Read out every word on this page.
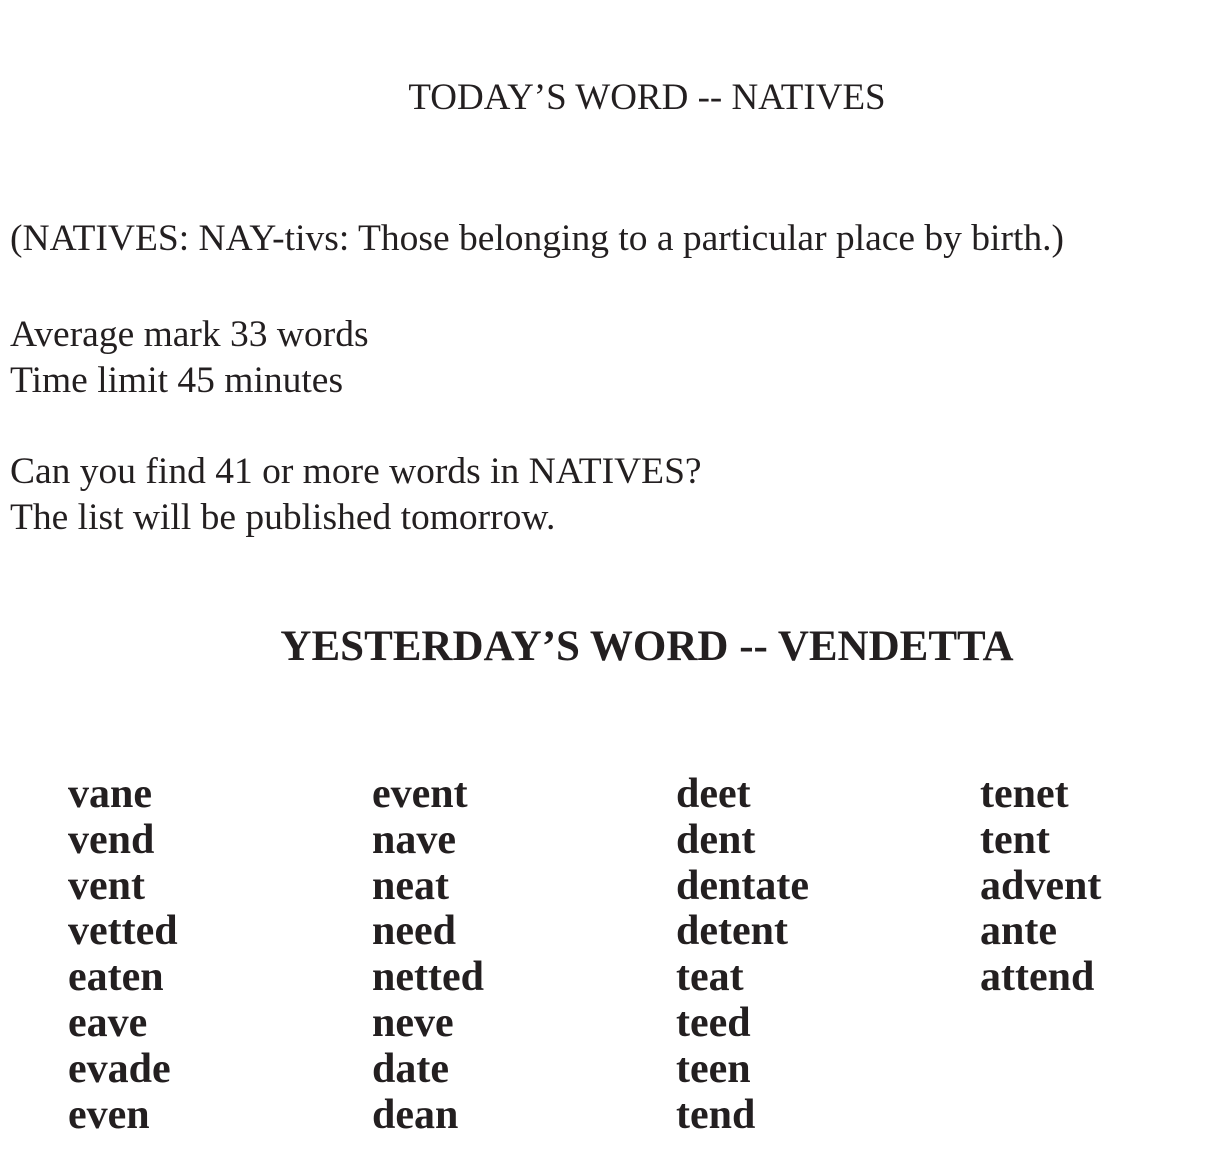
TODAY’S WORD -- NATIVES
(NATIVES: NAY-tivs: Those belonging to a particular place by birth.)
Average mark 33 words
Time limit 45 minutes
Can you find 41 or more words in NATIVES?
The list will be published tomorrow.
YESTERDAY’S WORD -- VENDETTA
vane
vend
vent
vetted
eaten
eave
evade
even
event
nave
neat
need
netted
neve
date
dean
deet
dent
dentate
detent
teat
teed
teen
tend
tenet
tent
advent
ante
attend
